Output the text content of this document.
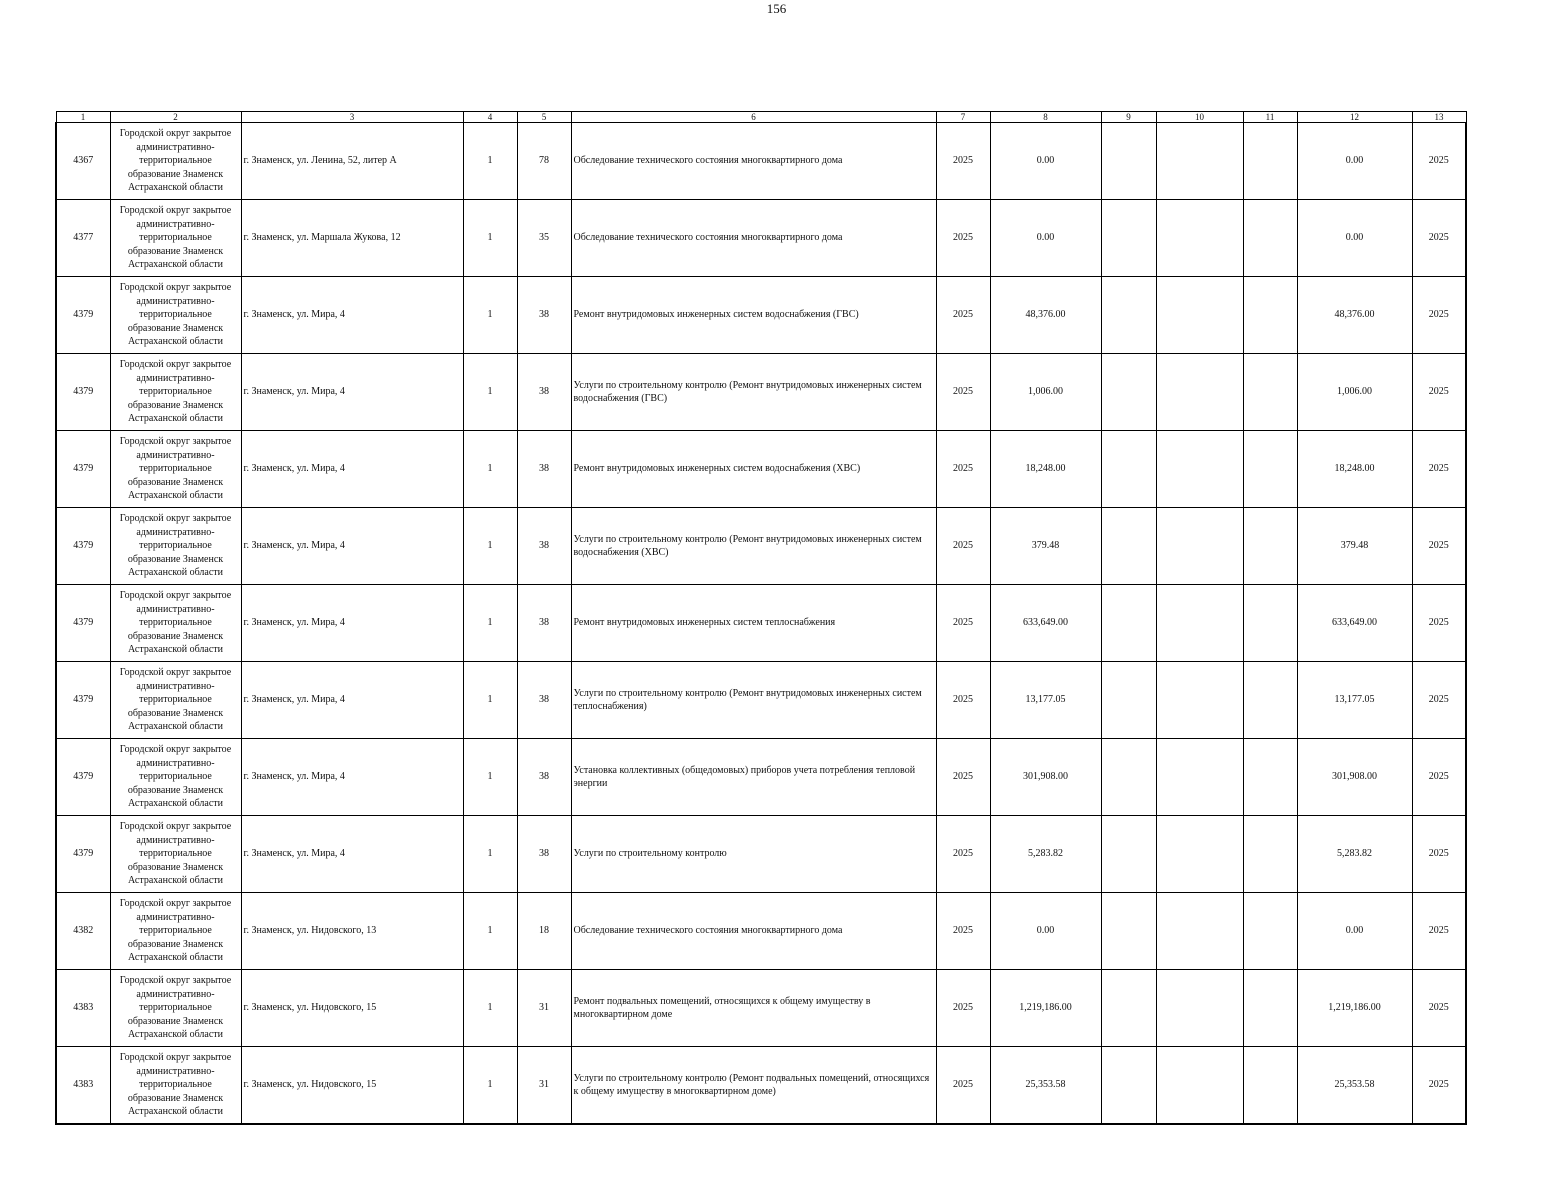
156
1	2	3	4	5	6	7	8	9	10	11	12	13
4367	Городской округ закрытое административно-территориальное образование Знаменск Астраханской области	г. Знаменск, ул. Ленина, 52, литер А	1	78	Обследование технического состояния многоквартирного дома	2025	0.00				0.00	2025
4377	Городской округ закрытое административно-территориальное образование Знаменск Астраханской области	г. Знаменск, ул. Маршала Жукова, 12	1	35	Обследование технического состояния многоквартирного дома	2025	0.00				0.00	2025
4379	Городской округ закрытое административно-территориальное образование Знаменск Астраханской области	г. Знаменск, ул. Мира, 4	1	38	Ремонт внутридомовых инженерных систем водоснабжения (ГВС)	2025	48,376.00				48,376.00	2025
4379	Городской округ закрытое административно-территориальное образование Знаменск Астраханской области	г. Знаменск, ул. Мира, 4	1	38	Услуги по строительному контролю (Ремонт внутридомовых инженерных систем водоснабжения (ГВС)	2025	1,006.00				1,006.00	2025
4379	Городской округ закрытое административно-территориальное образование Знаменск Астраханской области	г. Знаменск, ул. Мира, 4	1	38	Ремонт внутридомовых инженерных систем водоснабжения (ХВС)	2025	18,248.00				18,248.00	2025
4379	Городской округ закрытое административно-территориальное образование Знаменск Астраханской области	г. Знаменск, ул. Мира, 4	1	38	Услуги по строительному контролю (Ремонт внутридомовых инженерных систем водоснабжения (ХВС)	2025	379.48				379.48	2025
4379	Городской округ закрытое административно-территориальное образование Знаменск Астраханской области	г. Знаменск, ул. Мира, 4	1	38	Ремонт внутридомовых инженерных систем теплоснабжения	2025	633,649.00				633,649.00	2025
4379	Городской округ закрытое административно-территориальное образование Знаменск Астраханской области	г. Знаменск, ул. Мира, 4	1	38	Услуги по строительному контролю (Ремонт внутридомовых инженерных систем теплоснабжения)	2025	13,177.05				13,177.05	2025
4379	Городской округ закрытое административно-территориальное образование Знаменск Астраханской области	г. Знаменск, ул. Мира, 4	1	38	Установка коллективных (общедомовых) приборов учета потребления тепловой энергии	2025	301,908.00				301,908.00	2025
4379	Городской округ закрытое административно-территориальное образование Знаменск Астраханской области	г. Знаменск, ул. Мира, 4	1	38	Услуги по строительному контролю	2025	5,283.82				5,283.82	2025
4382	Городской округ закрытое административно-территориальное образование Знаменск Астраханской области	г. Знаменск, ул. Нидовского, 13	1	18	Обследование технического состояния многоквартирного дома	2025	0.00				0.00	2025
4383	Городской округ закрытое административно-территориальное образование Знаменск Астраханской области	г. Знаменск, ул. Нидовского, 15	1	31	Ремонт подвальных помещений, относящихся к общему имуществу в многоквартирном доме	2025	1,219,186.00				1,219,186.00	2025
4383	Городской округ закрытое административно-территориальное образование Знаменск Астраханской области	г. Знаменск, ул. Нидовского, 15	1	31	Услуги по строительному контролю (Ремонт подвальных помещений, относящихся к общему имуществу в многоквартирном доме)	2025	25,353.58				25,353.58	2025
